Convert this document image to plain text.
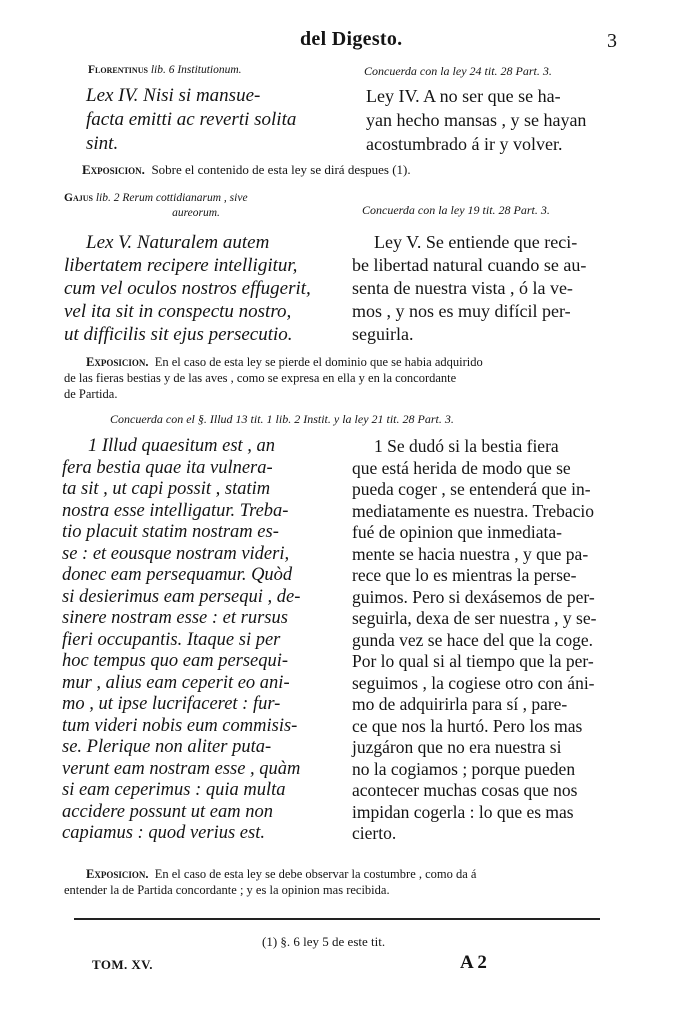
del Digesto.	3
Florentinus lib. 6 Institutionum.	Concuerda con la ley 24 tit. 28 Part. 3.
Lex IV. Nisi si mansue-
facta emitti ac reverti solita
sint.
Ley IV. A no ser que se ha-
yan hecho mansas , y se hayan
acostumbrado á ir y volver.
Exposicion. Sobre el contenido de esta ley se dirá despues (1).
Gajus lib. 2 Rerum cottidianarum , sive
aureorum.	Concuerda con la ley 19 tit. 28 Part. 3.
Lex V. Naturalem autem
libertatem recipere intelligitur,
cum vel oculos nostros effugerit,
vel ita sit in conspectu nostro,
ut difficilis sit ejus persecutio.
Ley V. Se entiende que reci-
be libertad natural cuando se au-
senta de nuestra vista , ó la ve-
mos , y nos es muy difícil per-
seguirla.
Exposicion. En el caso de esta ley se pierde el dominio que se habia adquirido
de las fieras bestias y de las aves , como se expresa en ella y en la concordante
de Partida.
Concuerda con el §. Illud 13 tit. 1 lib. 2 Instit. y la ley 21 tit. 28 Part. 3.
1 Illud quaesitum est , an
fera bestia quae ita vulnera-
ta sit , ut capi possit , statim
nostra esse intelligatur. Treba-
tio placuit statim nostram es-
se : et eousque nostram videri,
donec eam persequamur. Quòd
si desierimus eam persequi , de-
sinere nostram esse : et rursus
fieri occupantis. Itaque si per
hoc tempus quo eam persequi-
mur , alius eam ceperit eo ani-
mo , ut ipse lucrifaceret : fur-
tum videri nobis eum commisis-
se. Plerique non aliter puta-
verunt eam nostram esse , quàm
si eam ceperimus : quia multa
accidere possunt ut eam non
capiamus : quod verius est.
1 Se dudó si la bestia fiera
que está herida de modo que se
pueda coger , se entenderá que in-
mediatamente es nuestra. Trebacio
fué de opinion que inmediata-
mente se hacia nuestra , y que pa-
rece que lo es mientras la perse-
guimos. Pero si dexásemos de per-
seguirla, dexa de ser nuestra , y se-
gunda vez se hace del que la coge.
Por lo qual si al tiempo que la per-
seguimos , la cogiese otro con áni-
mo de adquirirla para sí , pare-
ce que nos la hurtó. Pero los mas
juzgáron que no era nuestra si
no la cogiamos ; porque pueden
acontecer muchas cosas que nos
impidan cogerla : lo que es mas
cierto.
Exposicion. En el caso de esta ley se debe observar la costumbre , como da á
entender la de Partida concordante ; y es la opinion mas recibida.
(1) §. 6 ley 5 de este tit.
TOM. XV.	A 2
